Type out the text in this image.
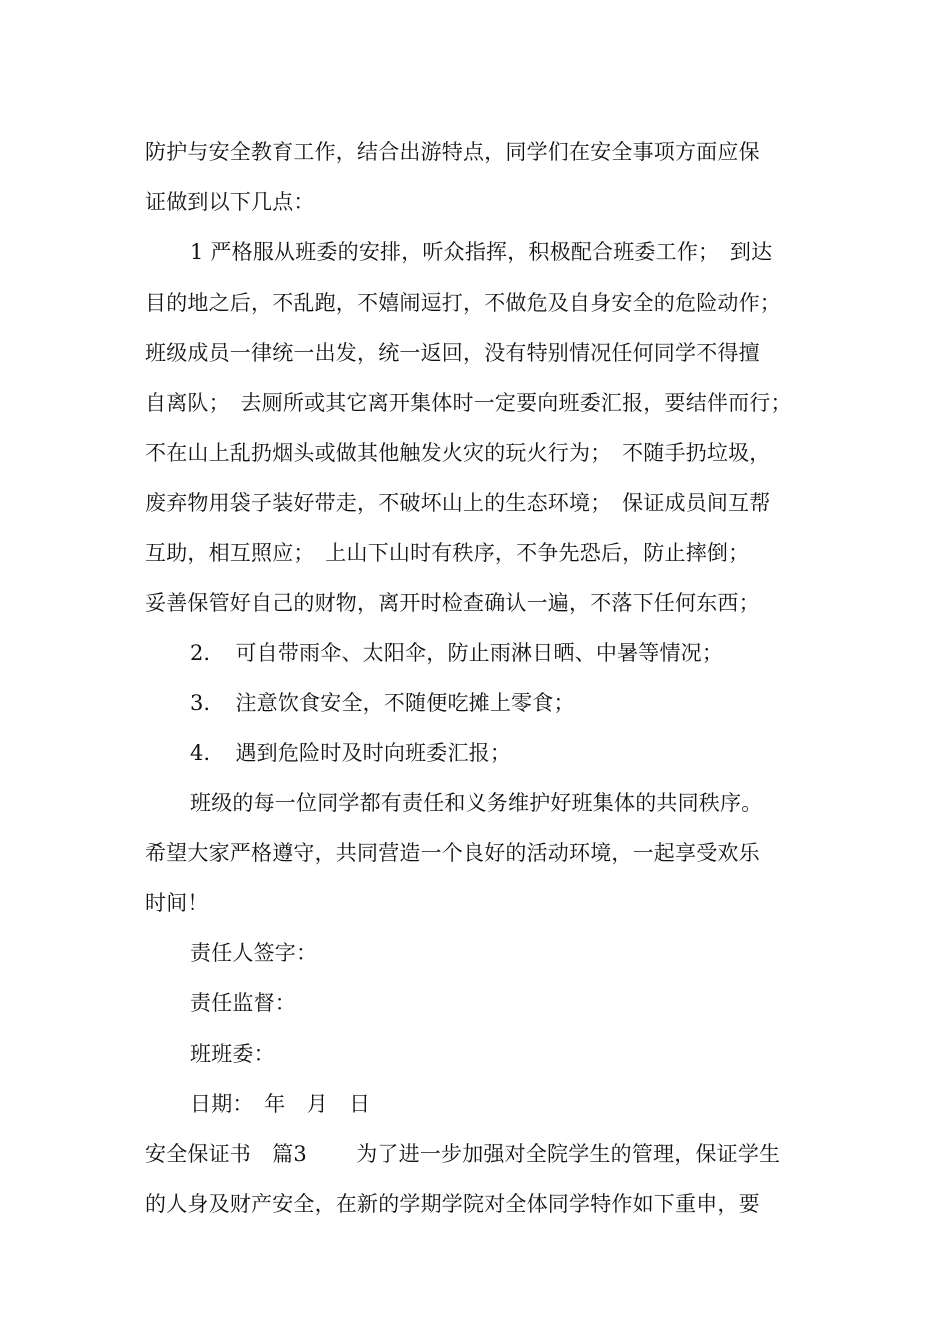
防护与安全教育工作，结合出游特点，同学们在安全事项方面应保
证做到以下几点：
1 严格服从班委的安排，听众指挥，积极配合班委工作；　到达
目的地之后，不乱跑，不嬉闹逗打，不做危及自身安全的危险动作；
班级成员一律统一出发，统一返回，没有特别情况任何同学不得擅
自离队；　去厕所或其它离开集体时一定要向班委汇报，要结伴而行；
不在山上乱扔烟头或做其他触发火灾的玩火行为；　不随手扔垃圾，
废弃物用袋子装好带走，不破坏山上的生态环境；　保证成员间互帮
互助，相互照应；　上山下山时有秩序，不争先恐后，防止摔倒；
妥善保管好自己的财物，离开时检查确认一遍，不落下任何东西；
2．　可自带雨伞、太阳伞，防止雨淋日晒、中暑等情况；
3．　注意饮食安全，不随便吃摊上零食；
4．　遇到危险时及时向班委汇报；
班级的每一位同学都有责任和义务维护好班集体的共同秩序。
希望大家严格遵守，共同营造一个良好的活动环境，一起享受欢乐
时间！
责任人签字：
责任监督：
班班委：
日期：　年　月　日
安全保证书　篇3　　 为了进一步加强对全院学生的管理，保证学生
的人身及财产安全，在新的学期学院对全体同学特作如下重申，要
